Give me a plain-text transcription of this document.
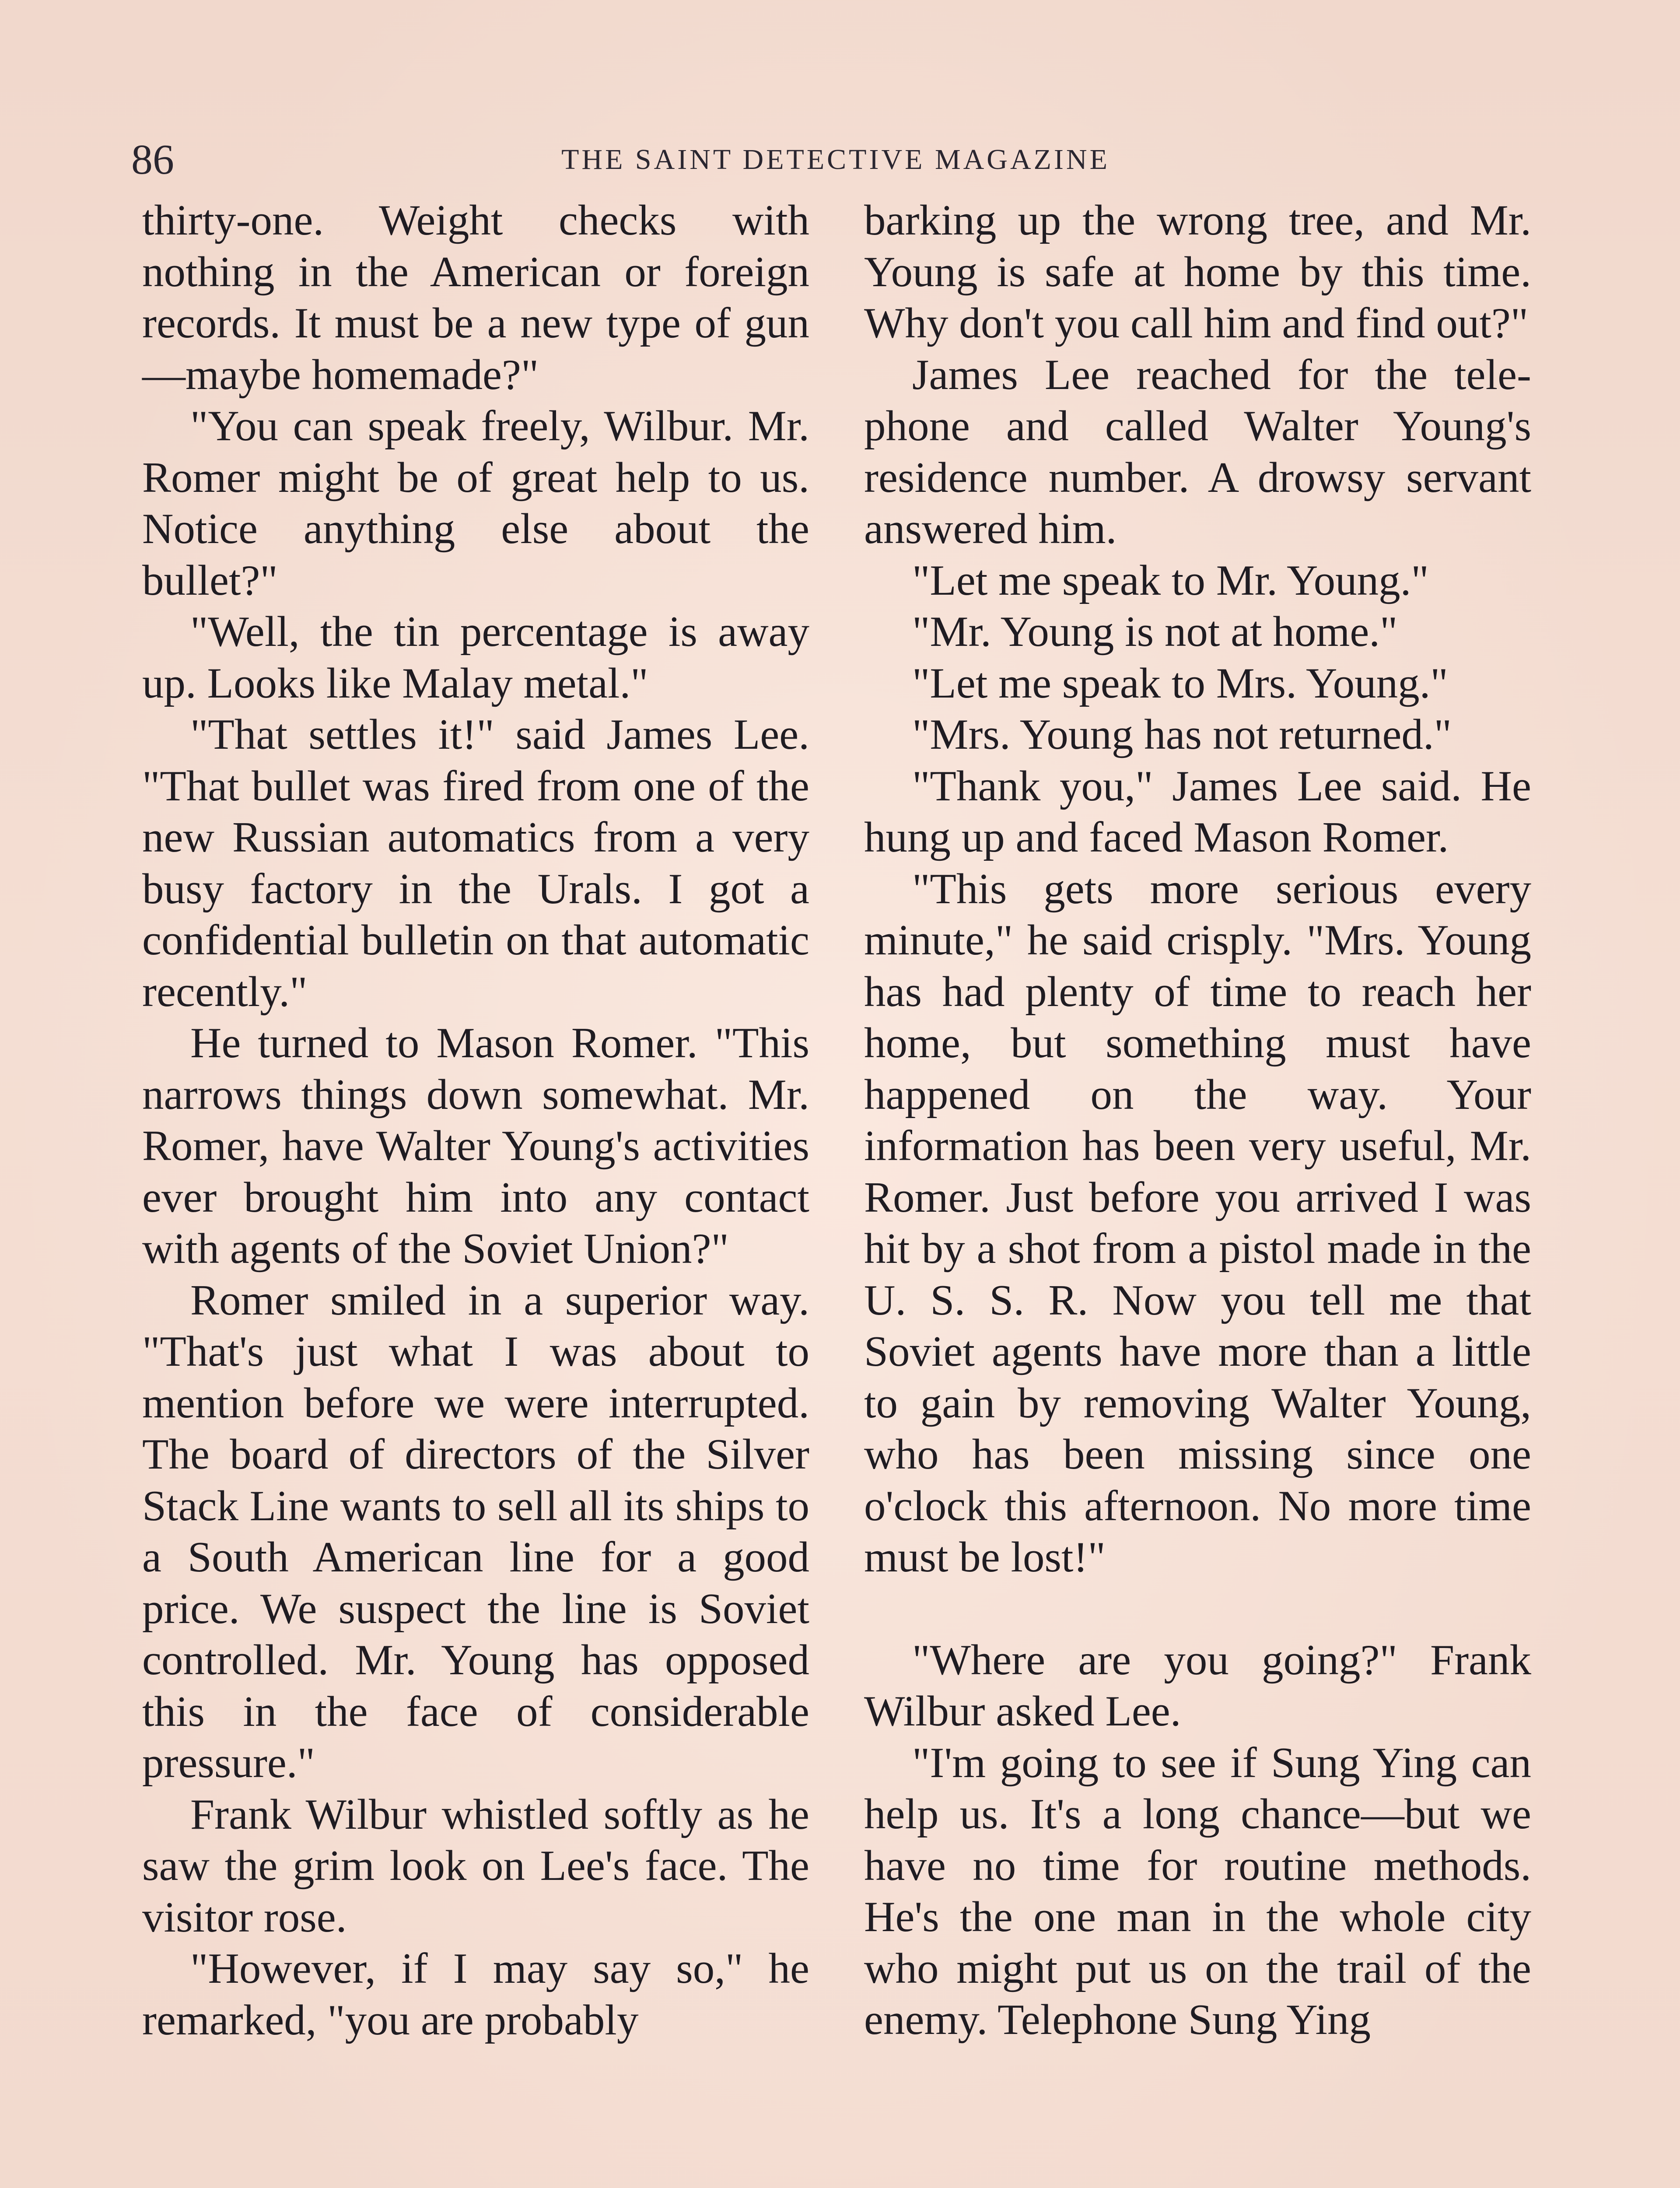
86	THE SAINT DETECTIVE MAGAZINE

thirty-one. Weight checks with nothing in the American or foreign records. It must be a new type of gun—maybe homemade?"

"You can speak freely, Wilbur. Mr. Romer might be of great help to us. Notice anything else about the bullet?"

"Well, the tin percentage is away up. Looks like Malay metal."

"That settles it!" said James Lee. "That bullet was fired from one of the new Russian automatics from a very busy factory in the Urals. I got a confidential bulletin on that automatic recently."

He turned to Mason Romer. "This narrows things down somewhat. Mr. Romer, have Walter Young's activities ever brought him into any contact with agents of the Soviet Union?"

Romer smiled in a superior way. "That's just what I was about to mention before we were interrupted. The board of directors of the Silver Stack Line wants to sell all its ships to a South American line for a good price. We suspect the line is Soviet controlled. Mr. Young has opposed this in the face of considerable pressure."

Frank Wilbur whistled softly as he saw the grim look on Lee's face. The visitor rose.

"However, if I may say so," he remarked, "you are probably

barking up the wrong tree, and Mr. Young is safe at home by this time. Why don't you call him and find out?"

James Lee reached for the telephone and called Walter Young's residence number. A drowsy servant answered him.

"Let me speak to Mr. Young."

"Mr. Young is not at home."

"Let me speak to Mrs. Young."

"Mrs. Young has not returned."

"Thank you," James Lee said. He hung up and faced Mason Romer.

"This gets more serious every minute," he said crisply. "Mrs. Young has had plenty of time to reach her home, but something must have happened on the way. Your information has been very useful, Mr. Romer. Just before you arrived I was hit by a shot from a pistol made in the U. S. S. R. Now you tell me that Soviet agents have more than a little to gain by removing Walter Young, who has been missing since one o'clock this afternoon. No more time must be lost!"

"Where are you going?" Frank Wilbur asked Lee.

"I'm going to see if Sung Ying can help us. It's a long chance—but we have no time for routine methods. He's the one man in the whole city who might put us on the trail of the enemy. Telephone Sung Ying
